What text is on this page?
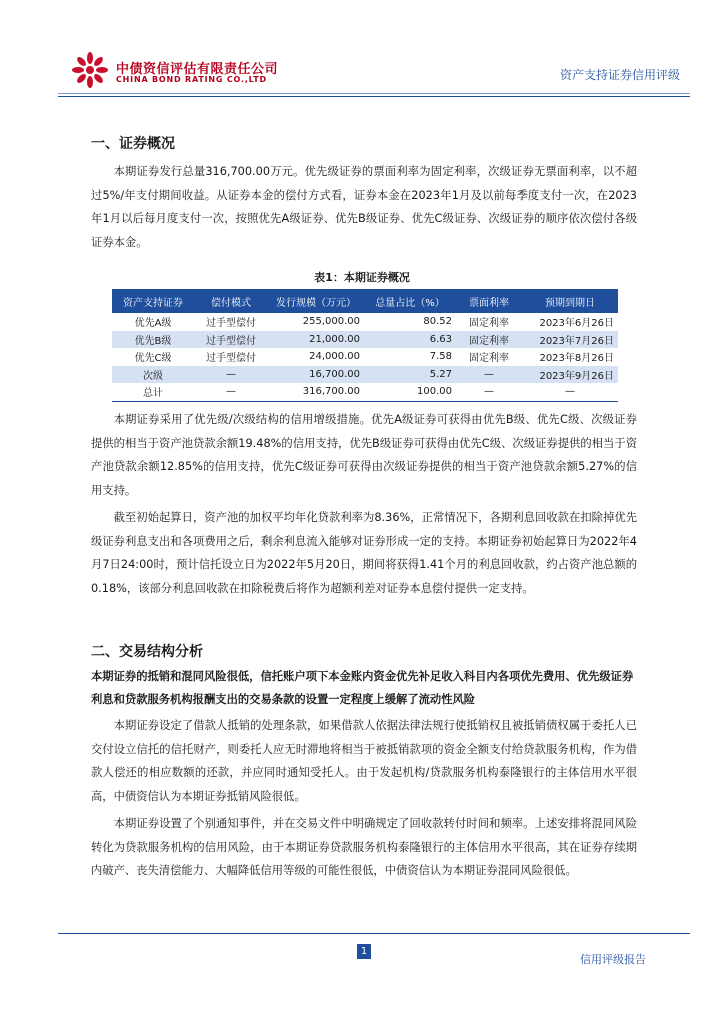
中债资信评估有限责任公司
CHINA BOND RATING CO.,LTD	资产支持证券信用评级
一、证券概况

本期证券发行总量316,700.00万元。优先级证券的票面利率为固定利率，次级证券无票面利率，以不超过5%/年支付期间收益。从证券本金的偿付方式看，证券本金在2023年1月及以前每季度支付一次，在2023年1月以后每月度支付一次，按照优先A级证券、优先B级证券、优先C级证券、次级证券的顺序依次偿付各级证券本金。

表1：本期证券概况
资产支持证券	偿付模式	发行规模（万元）	总量占比（%）	票面利率	预期到期日
优先A级	过手型偿付	255,000.00	80.52	固定利率	2023年6月26日
优先B级	过手型偿付	21,000.00	6.63	固定利率	2023年7月26日
优先C级	过手型偿付	24,000.00	7.58	固定利率	2023年8月26日
次级	—	16,700.00	5.27	—	2023年9月26日
总计	—	316,700.00	100.00	—	—

本期证券采用了优先级/次级结构的信用增级措施。优先A级证券可获得由优先B级、优先C级、次级证券提供的相当于资产池贷款余额19.48%的信用支持，优先B级证券可获得由优先C级、次级证券提供的相当于资产池贷款余额12.85%的信用支持，优先C级证券可获得由次级证券提供的相当于资产池贷款余额5.27%的信用支持。

截至初始起算日，资产池的加权平均年化贷款利率为8.36%，正常情况下，各期利息回收款在扣除掉优先级证券利息支出和各项费用之后，剩余利息流入能够对证券形成一定的支持。本期证券初始起算日为2022年4月7日24:00时，预计信托设立日为2022年5月20日，期间将获得1.41个月的利息回收款，约占资产池总额的0.18%，该部分利息回收款在扣除税费后将作为超额利差对证券本息偿付提供一定支持。

二、交易结构分析
本期证券的抵销和混同风险很低，信托账户项下本金账内资金优先补足收入科目内各项优先费用、优先级证券利息和贷款服务机构报酬支出的交易条款的设置一定程度上缓解了流动性风险

本期证券设定了借款人抵销的处理条款，如果借款人依据法律法规行使抵销权且被抵销债权属于委托人已交付设立信托的信托财产，则委托人应无时滞地将相当于被抵销款项的资金全额支付给贷款服务机构，作为借款人偿还的相应数额的还款，并应同时通知受托人。由于发起机构/贷款服务机构泰隆银行的主体信用水平很高，中债资信认为本期证券抵销风险很低。

本期证券设置了个别通知事件，并在交易文件中明确规定了回收款转付时间和频率。上述安排将混同风险转化为贷款服务机构的信用风险，由于本期证券贷款服务机构泰隆银行的主体信用水平很高，其在证券存续期内破产、丧失清偿能力、大幅降低信用等级的可能性很低，中债资信认为本期证券混同风险很低。

1
信用评级报告
